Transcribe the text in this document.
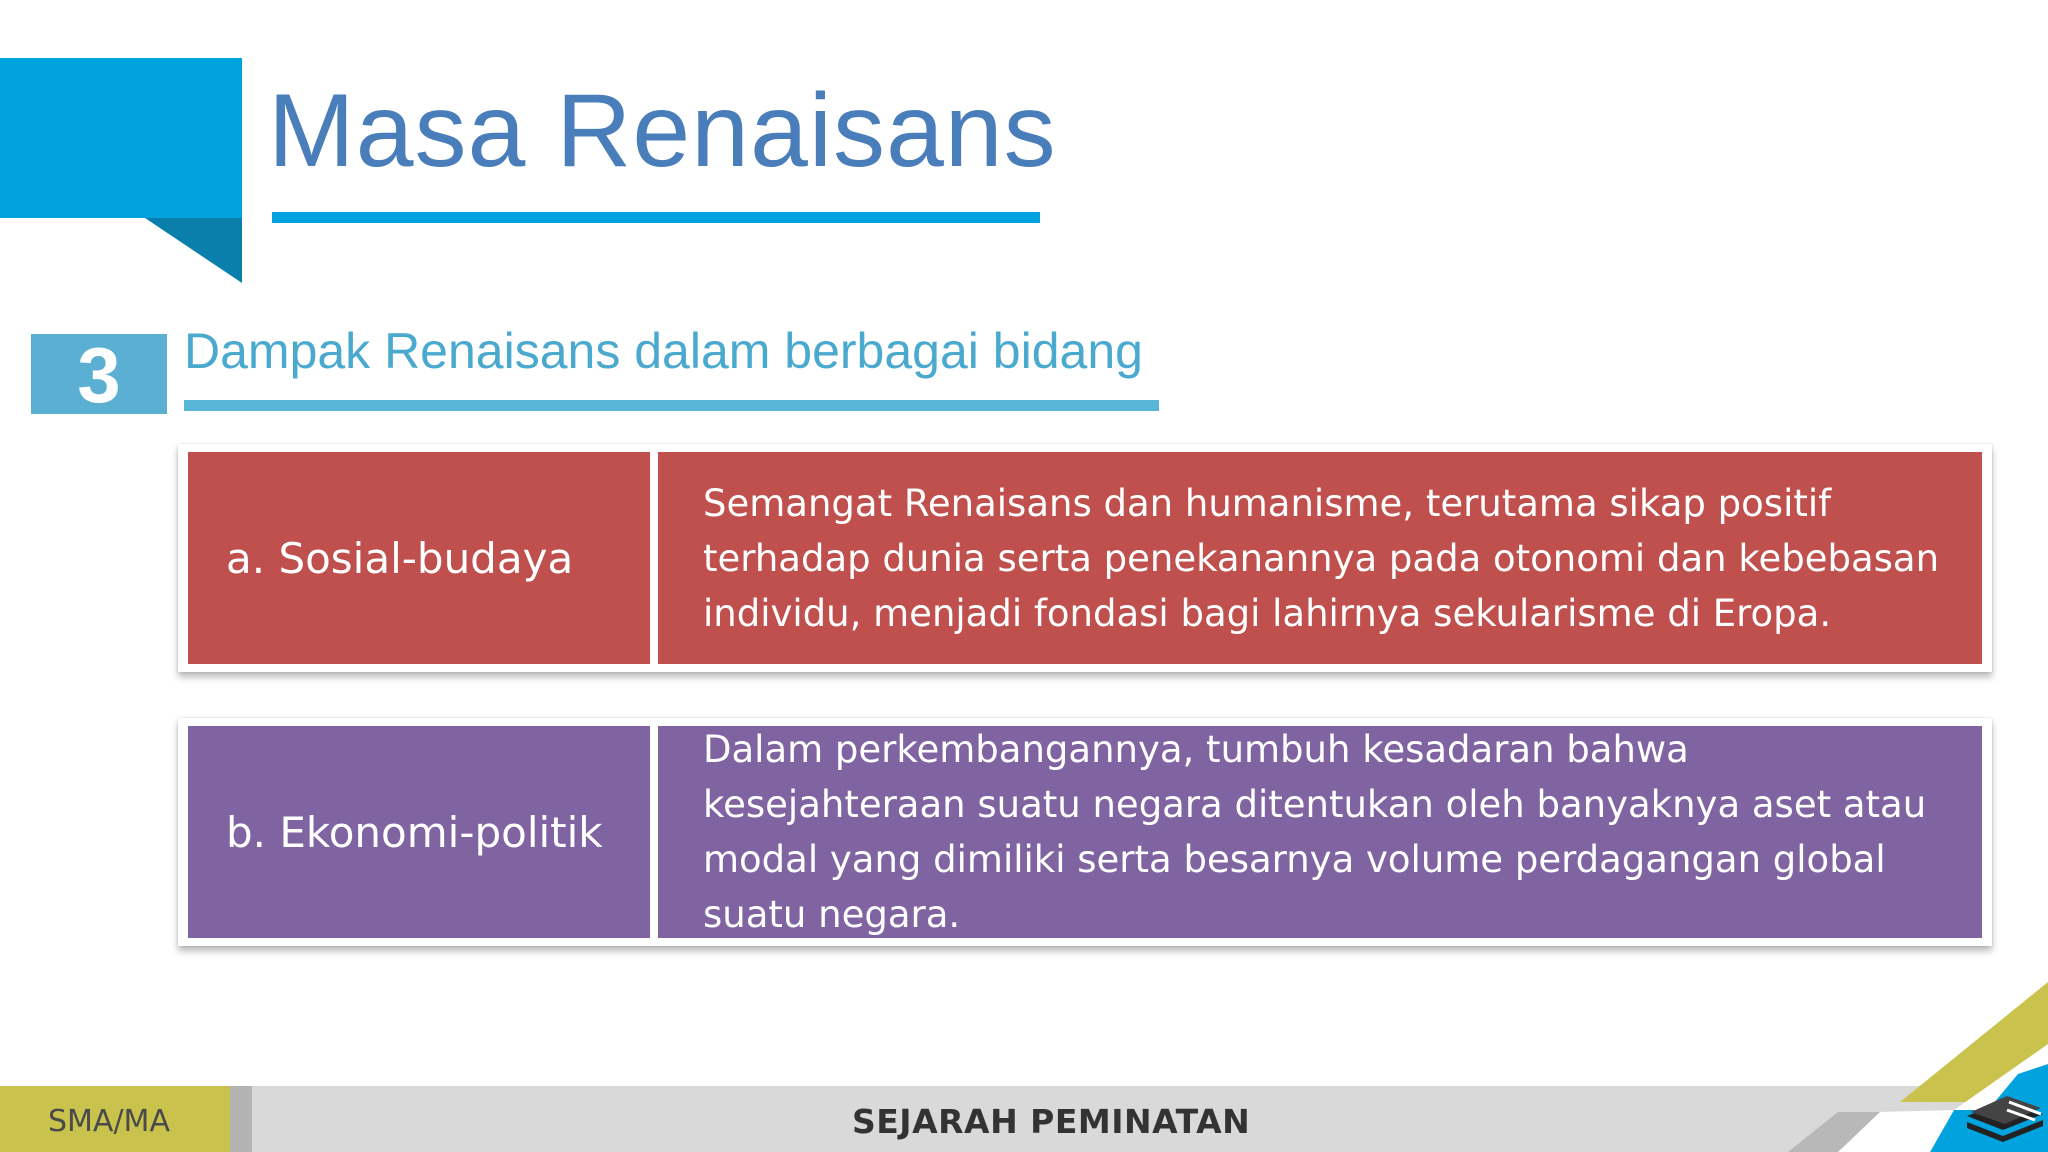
Masa Renaisans
3	Dampak Renaisans dalam berbagai bidang
a. Sosial-budaya
Semangat Renaisans dan humanisme, terutama sikap positif terhadap dunia serta penekanannya pada otonomi dan kebebasan individu, menjadi fondasi bagi lahirnya sekularisme di Eropa.
b. Ekonomi-politik
Dalam perkembangannya, tumbuh kesadaran bahwa kesejahteraan suatu negara ditentukan oleh banyaknya aset atau modal yang dimiliki serta besarnya volume perdagangan global suatu negara.
SMA/MA	SEJARAH PEMINATAN
